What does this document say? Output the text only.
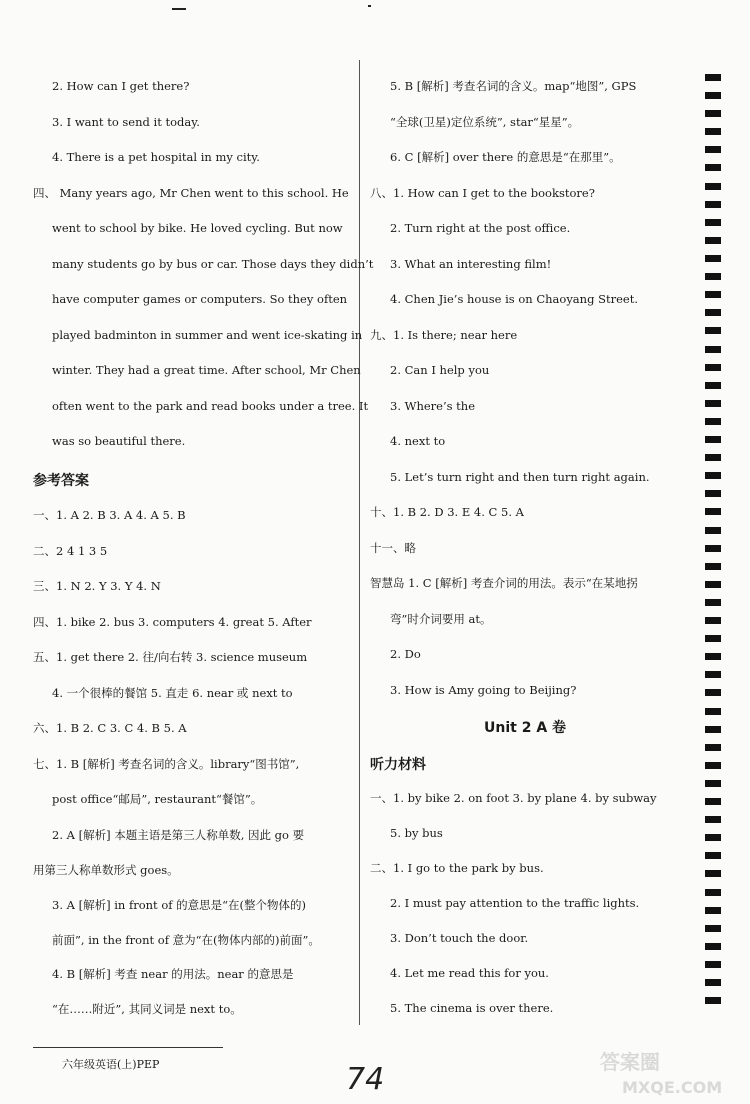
2. How can I get there?
3. I want to send it today.
4. There is a pet hospital in my city.
四、 Many years ago, Mr Chen went to this school. He
went to school by bike. He loved cycling. But now
many students go by bus or car. Those days they didn’t
have computer games or computers. So they often
played badminton in summer and went ice-skating in
winter. They had a great time. After school, Mr Chen
often went to the park and read books under a tree. It
was so beautiful there.
参考答案
一、1. A 2. B 3. A 4. A 5. B
二、2 4 1 3 5
三、1. N 2. Y 3. Y 4. N
四、1. bike 2. bus 3. computers 4. great 5. After
五、1. get there 2. 往/向右转 3. science museum
4. 一个很棒的餐馆 5. 直走 6. near 或 next to
六、1. B 2. C 3. C 4. B 5. A
七、1. B [解析] 考查名词的含义。library“图书馆”,
post office“邮局”, restaurant“餐馆”。
2. A [解析] 本题主语是第三人称单数, 因此 go 要
用第三人称单数形式 goes。
3. A [解析] in front of 的意思是“在(整个物体的)
前面”, in the front of 意为“在(物体内部的)前面”。
4. B [解析] 考查 near 的用法。near 的意思是
“在……附近”, 其同义词是 next to。
5. B [解析] 考查名词的含义。map“地图”, GPS
“全球(卫星)定位系统”, star“星星”。
6. C [解析] over there 的意思是“在那里”。
八、1. How can I get to the bookstore?
2. Turn right at the post office.
3. What an interesting film!
4. Chen Jie’s house is on Chaoyang Street.
九、1. Is there; near here
2. Can I help you
3. Where’s the
4. next to
5. Let’s turn right and then turn right again.
十、1. B 2. D 3. E 4. C 5. A
十一、略
智慧岛 1. C [解析] 考查介词的用法。表示“在某地拐
弯”时介词要用 at。
2. Do
3. How is Amy going to Beijing?
Unit 2 A 卷
听力材料
一、1. by bike 2. on foot 3. by plane 4. by subway
5. by bus
二、1. I go to the park by bus.
2. I must pay attention to the traffic lights.
3. Don’t touch the door.
4. Let me read this for you.
5. The cinema is over there.
六年级英语(上)PEP	74	答案圈
MXQE.COM
